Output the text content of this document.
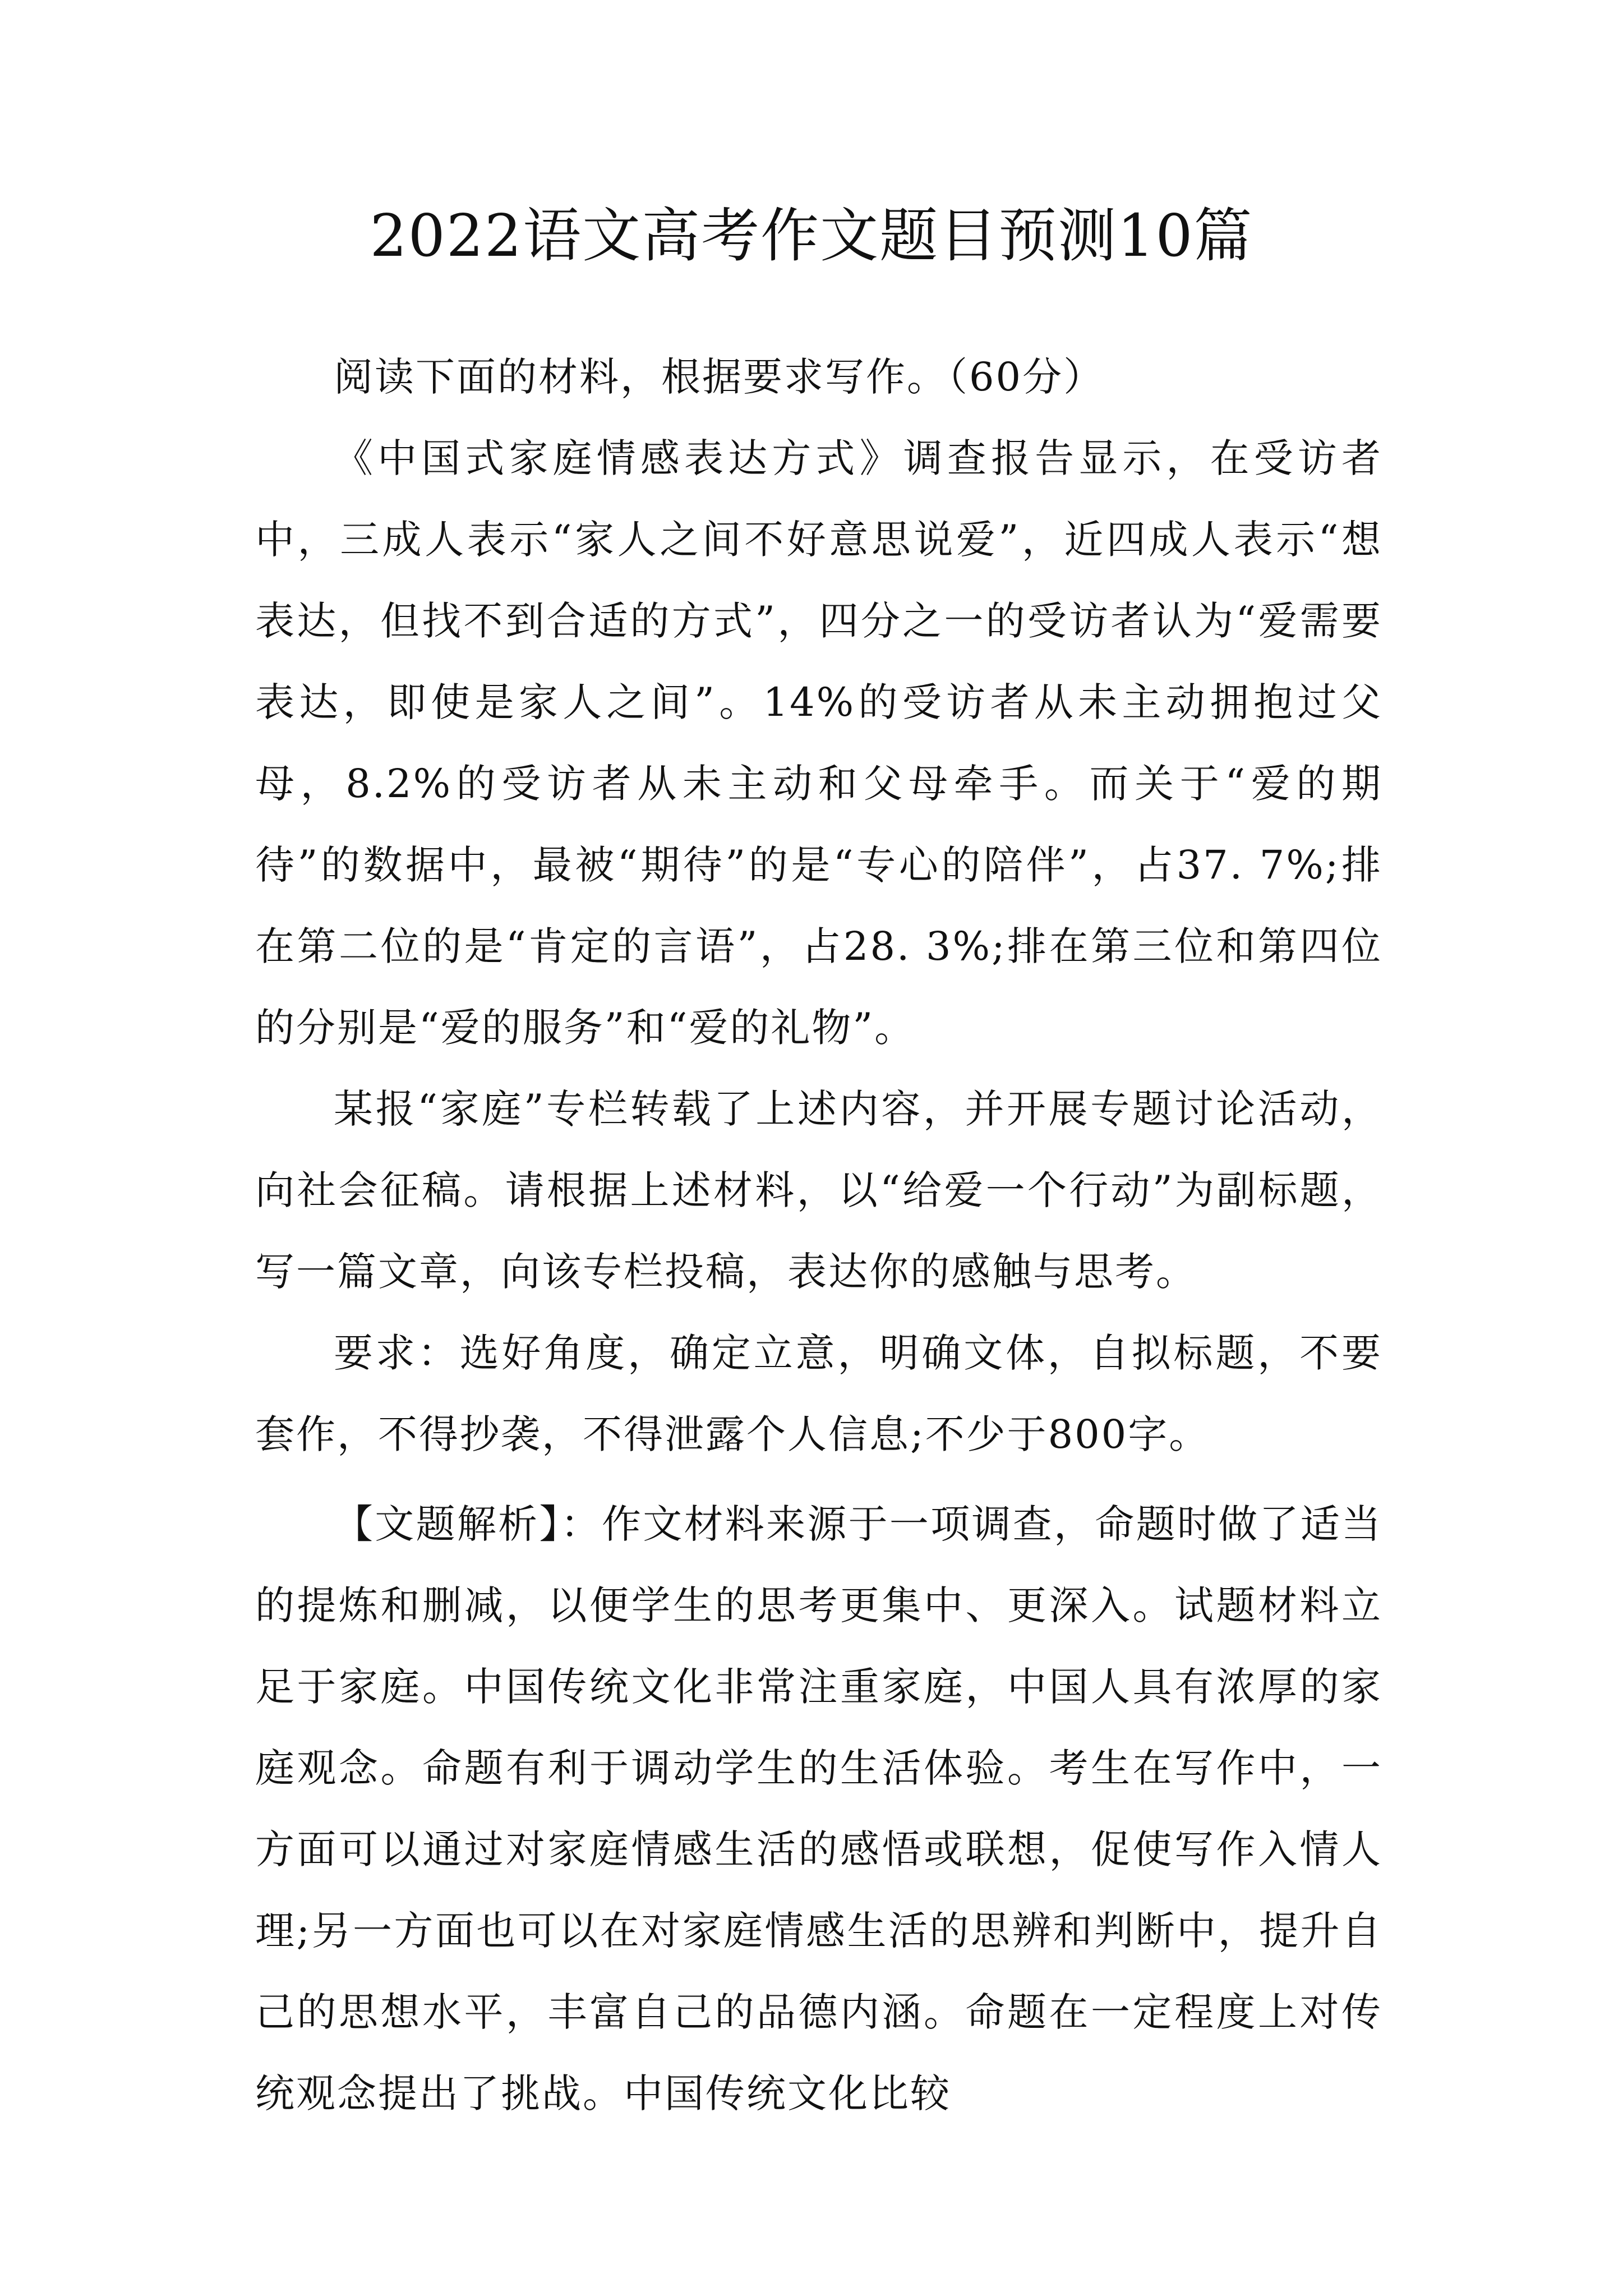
2022语文高考作文题目预测10篇

阅读下面的材料，根据要求写作。（60分）

《中国式家庭情感表达方式》调查报告显示，在受访者中，三成人表示“家人之间不好意思说爱”，近四成人表示“想表达，但找不到合适的方式”，四分之一的受访者认为“爱需要表达，即使是家人之间”。14%的受访者从未主动拥抱过父母，8.2%的受访者从未主动和父母牵手。而关于“爱的期待”的数据中，最被“期待”的是“专心的陪伴”，占37. 7%;排在第二位的是“肯定的言语”，占28. 3%;排在第三位和第四位的分别是“爱的服务”和“爱的礼物”。

某报“家庭”专栏转载了上述内容，并开展专题讨论活动，向社会征稿。请根据上述材料，以“给爱一个行动”为副标题，写一篇文章，向该专栏投稿，表达你的感触与思考。

要求：选好角度，确定立意，明确文体，自拟标题，不要套作，不得抄袭，不得泄露个人信息;不少于800字。

【文题解析】：作文材料来源于一项调查，命题时做了适当的提炼和删减，以便学生的思考更集中、更深入。试题材料立足于家庭。中国传统文化非常注重家庭，中国人具有浓厚的家庭观念。命题有利于调动学生的生活体验。考生在写作中，一方面可以通过对家庭情感生活的感悟或联想，促使写作入情人理;另一方面也可以在对家庭情感生活的思辨和判断中，提升自己的思想水平，丰富自己的品德内涵。命题在一定程度上对传统观念提出了挑战。中国传统文化比较
